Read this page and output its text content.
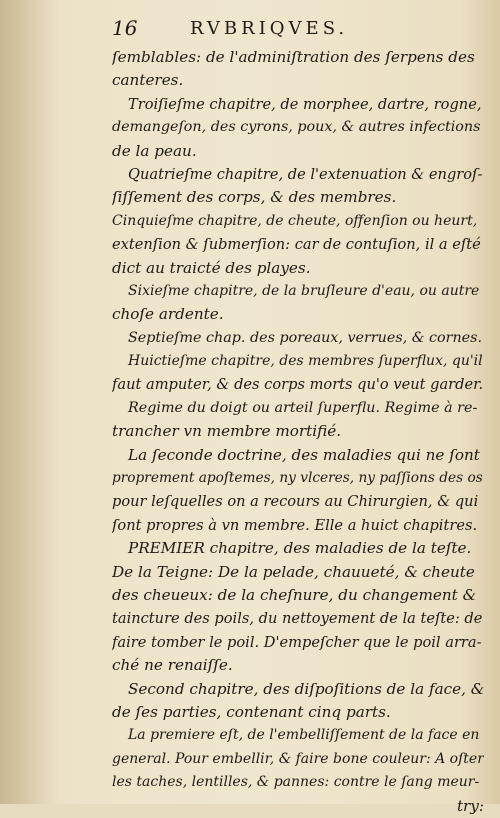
16	RVBRIQVES.
ſemblables: de l'adminiſtration des ſerpens des
canteres.
Troiſieſme chapitre, de morphee, dartre, rogne,
demangeſon, des cyrons, poux, & autres infections
de la peau.
Quatrieſme chapitre, de l'extenuation & engroſ-
ſiſſement des corps, & des membres.
Cinquieſme chapitre, de cheute, offenſion ou heurt,
extenſion & ſubmerſion: car de contuſion, il a eſté
dict au traicté des playes.
Sixieſme chapitre, de la bruſleure d'eau, ou autre
choſe ardente.
Septieſme chap. des poreaux, verrues, & cornes.
Huictieſme chapitre, des membres ſuperflux, qu'il
faut amputer, & des corps morts qu'o veut garder.
Regime du doigt ou arteil ſuperflu. Regime à re-
trancher vn membre mortifié.
La ſeconde doctrine, des maladies qui ne ſont
proprement apoſtemes, ny vlceres, ny paſſions des os
pour leſquelles on a recours au Chirurgien, & qui
ſont propres à vn membre. Elle a huict chapitres.
PREMIER chapitre, des maladies de la teſte.
De la Teigne: De la pelade, chauueté, & cheute
des cheueux: de la cheſnure, du changement &
taincture des poils, du nettoyement de la teſte: de
faire tomber le poil. D'empeſcher que le poil arra-
ché ne renaiſſe.
Second chapitre, des diſpoſitions de la face, &
de ſes parties, contenant cinq parts.
La premiere eſt, de l'embelliſſement de la face en
general. Pour embellir, & faire bone couleur: A oſter
les taches, lentilles, & pannes: contre le ſang meur-
try:
